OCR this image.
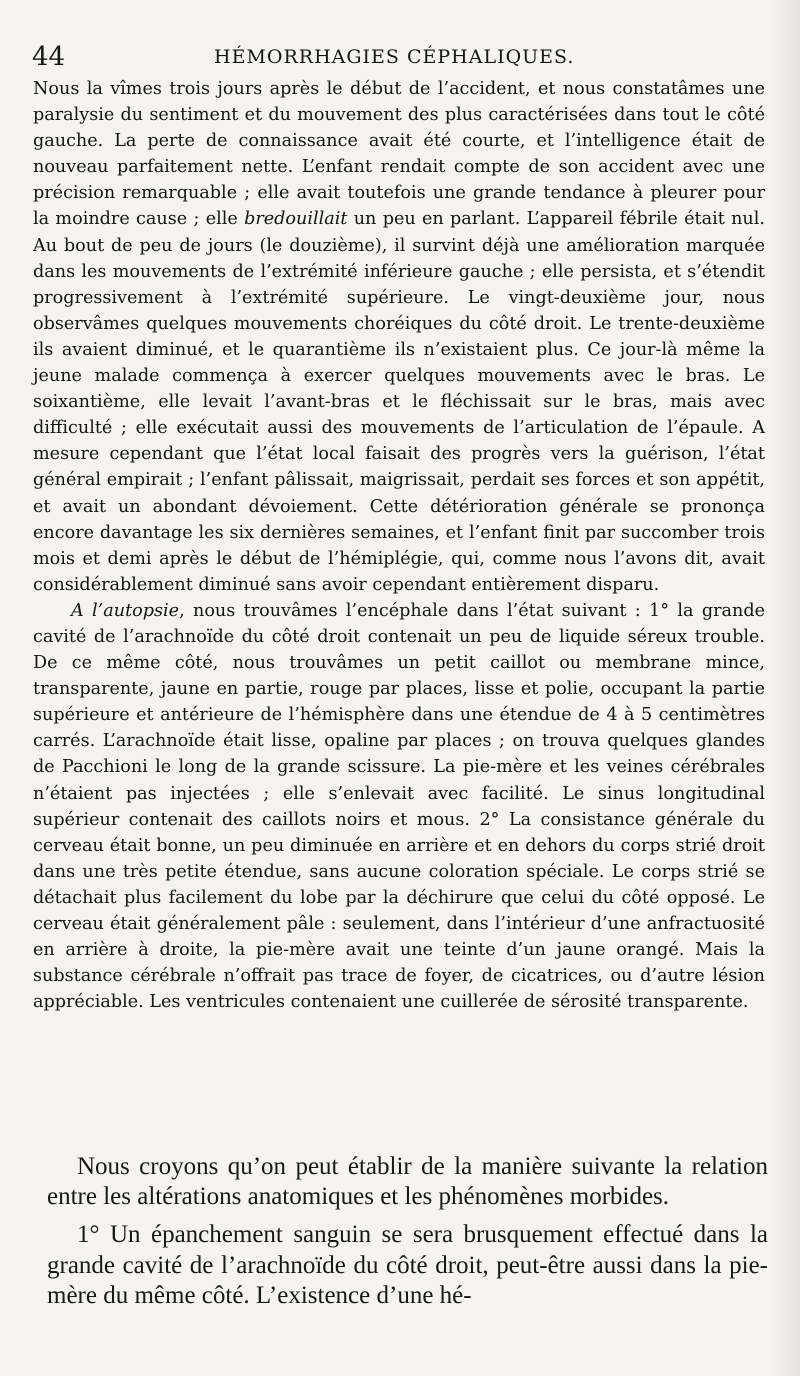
44	HÉMORRHAGIES CÉPHALIQUES.

Nous la vîmes trois jours après le début de l’accident, et nous constatâmes une paralysie du sentiment et du mouvement des plus caractérisées dans tout le côté gauche. La perte de connaissance avait été courte, et l’intelligence était de nouveau parfaitement nette. L’enfant rendait compte de son accident avec une précision remarquable ; elle avait toutefois une grande tendance à pleurer pour la moindre cause ; elle bredouillait un peu en parlant. L’appareil fébrile était nul. Au bout de peu de jours (le douzième), il survint déjà une amélioration marquée dans les mouvements de l’extrémité inférieure gauche ; elle persista, et s’étendit progressivement à l’extrémité supérieure. Le vingt-deuxième jour, nous observâmes quelques mouvements choréiques du côté droit. Le trente-deuxième ils avaient diminué, et le quarantième ils n’existaient plus. Ce jour-là même la jeune malade commença à exercer quelques mouvements avec le bras. Le soixantième, elle levait l’avant-bras et le fléchissait sur le bras, mais avec difficulté ; elle exécutait aussi des mouvements de l’articulation de l’épaule. A mesure cependant que l’état local faisait des progrès vers la guérison, l’état général empirait ; l’enfant pâlissait, maigrissait, perdait ses forces et son appétit, et avait un abondant dévoiement. Cette détérioration générale se prononça encore davantage les six dernières semaines, et l’enfant finit par succomber trois mois et demi après le début de l’hémiplégie, qui, comme nous l’avons dit, avait considérablement diminué sans avoir cependant entièrement disparu.

A l’autopsie, nous trouvâmes l’encéphale dans l’état suivant : 1° la grande cavité de l’arachnoïde du côté droit contenait un peu de liquide séreux trouble. De ce même côté, nous trouvâmes un petit caillot ou membrane mince, transparente, jaune en partie, rouge par places, lisse et polie, occupant la partie supérieure et antérieure de l’hémisphère dans une étendue de 4 à 5 centimètres carrés. L’arachnoïde était lisse, opaline par places ; on trouva quelques glandes de Pacchioni le long de la grande scissure. La pie-mère et les veines cérébrales n’étaient pas injectées ; elle s’enlevait avec facilité. Le sinus longitudinal supérieur contenait des caillots noirs et mous. 2° La consistance générale du cerveau était bonne, un peu diminuée en arrière et en dehors du corps strié droit dans une très petite étendue, sans aucune coloration spéciale. Le corps strié se détachait plus facilement du lobe par la déchirure que celui du côté opposé. Le cerveau était généralement pâle : seulement, dans l’intérieur d’une anfractuosité en arrière à droite, la pie-mère avait une teinte d’un jaune orangé. Mais la substance cérébrale n’offrait pas trace de foyer, de cicatrices, ou d’autre lésion appréciable. Les ventricules contenaient une cuillerée de sérosité transparente.

Nous croyons qu’on peut établir de la manière suivante la relation entre les altérations anatomiques et les phénomènes morbides.

1° Un épanchement sanguin se sera brusquement effectué dans la grande cavité de l’arachnoïde du côté droit, peut-être aussi dans la pie-mère du même côté. L’existence d’une hé-
